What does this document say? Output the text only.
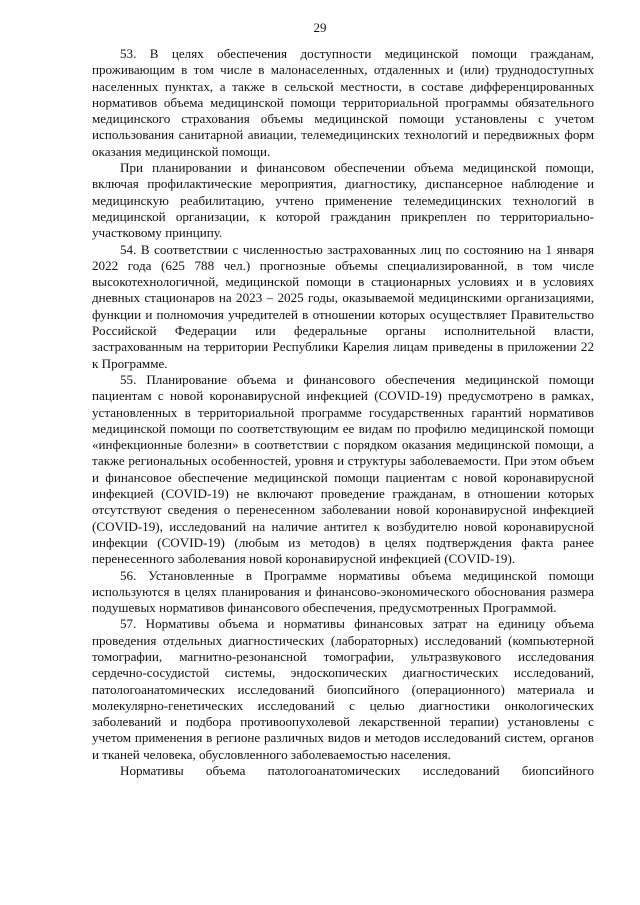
29

53. В целях обеспечения доступности медицинской помощи гражданам, проживающим в том числе в малонаселенных, отдаленных и (или) труднодоступных населенных пунктах, а также в сельской местности, в составе дифференцированных нормативов объема медицинской помощи территориальной программы обязательного медицинского страхования объемы медицинской помощи установлены с учетом использования санитарной авиации, телемедицинских технологий и передвижных форм оказания медицинской помощи.

При планировании и финансовом обеспечении объема медицинской помощи, включая профилактические мероприятия, диагностику, диспансерное наблюдение и медицинскую реабилитацию, учтено применение телемедицинских технологий в медицинской организации, к которой гражданин прикреплен по территориально-участковому принципу.

54. В соответствии с численностью застрахованных лиц по состоянию на 1 января 2022 года (625 788 чел.) прогнозные объемы специализированной, в том числе высокотехнологичной, медицинской помощи в стационарных условиях и в условиях дневных стационаров на 2023 – 2025 годы, оказываемой медицинскими организациями, функции и полномочия учредителей в отношении которых осуществляет Правительство Российской Федерации или федеральные органы исполнительной власти, застрахованным на территории Республики Карелия лицам приведены в приложении 22 к Программе.

55. Планирование объема и финансового обеспечения медицинской помощи пациентам с новой коронавирусной инфекцией (COVID-19) предусмотрено в рамках, установленных в территориальной программе государственных гарантий нормативов медицинской помощи по соответствующим ее видам по профилю медицинской помощи «инфекционные болезни» в соответствии с порядком оказания медицинской помощи, а также региональных особенностей, уровня и структуры заболеваемости. При этом объем и финансовое обеспечение медицинской помощи пациентам с новой коронавирусной инфекцией (COVID-19) не включают проведение гражданам, в отношении которых отсутствуют сведения о перенесенном заболевании новой коронавирусной инфекцией (COVID-19), исследований на наличие антител к возбудителю новой коронавирусной инфекции (COVID-19) (любым из методов) в целях подтверждения факта ранее перенесенного заболевания новой коронавирусной инфекцией (COVID-19).

56. Установленные в Программе нормативы объема медицинской помощи используются в целях планирования и финансово-экономического обоснования размера подушевых нормативов финансового обеспечения, предусмотренных Программой.

57. Нормативы объема и нормативы финансовых затрат на единицу объема проведения отдельных диагностических (лабораторных) исследований (компьютерной томографии, магнитно-резонансной томографии, ультразвукового исследования сердечно-сосудистой системы, эндоскопических диагностических исследований, патологоанатомических исследований биопсийного (операционного) материала и молекулярно-генетических исследований с целью диагностики онкологических заболеваний и подбора противоопухолевой лекарственной терапии) установлены с учетом применения в регионе различных видов и методов исследований систем, органов и тканей человека, обусловленного заболеваемостью населения.

Нормативы объема патологоанатомических исследований биопсийного
